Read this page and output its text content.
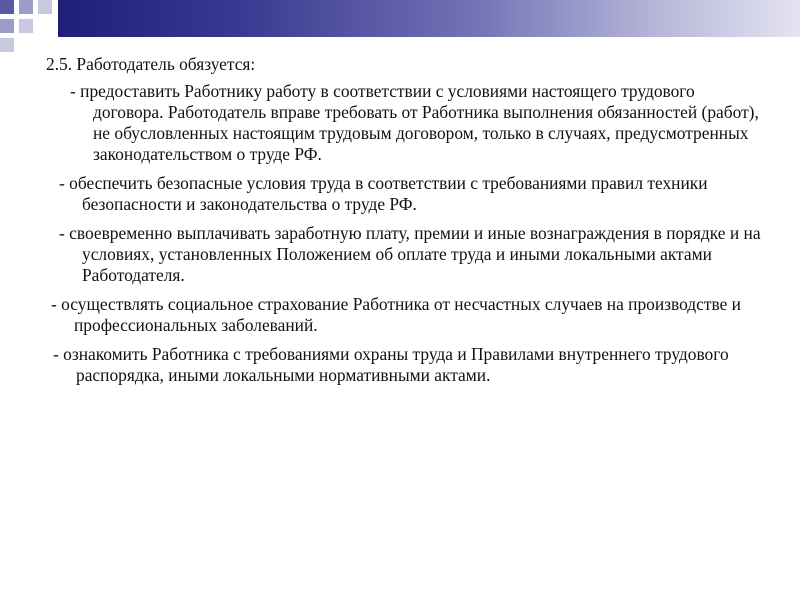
2.5. Работодатель обязуется:

- предоставить Работнику работу в соответствии с условиями настоящего трудового договора. Работодатель вправе требовать от Работника выполнения обязанностей (работ), не обусловленных настоящим трудовым договором, только в случаях, предусмотренных законодательством о труде РФ.

- обеспечить безопасные условия труда в соответствии с требованиями правил техники безопасности и законодательства о труде РФ.

- своевременно выплачивать заработную плату, премии и иные вознаграждения в порядке и на условиях, установленных Положением об оплате труда и иными локальными актами Работодателя.

- осуществлять социальное страхование Работника от несчастных случаев на производстве и профессиональных заболеваний.

- ознакомить Работника с требованиями охраны труда и Правилами внутреннего трудового распорядка, иными локальными нормативными актами.
